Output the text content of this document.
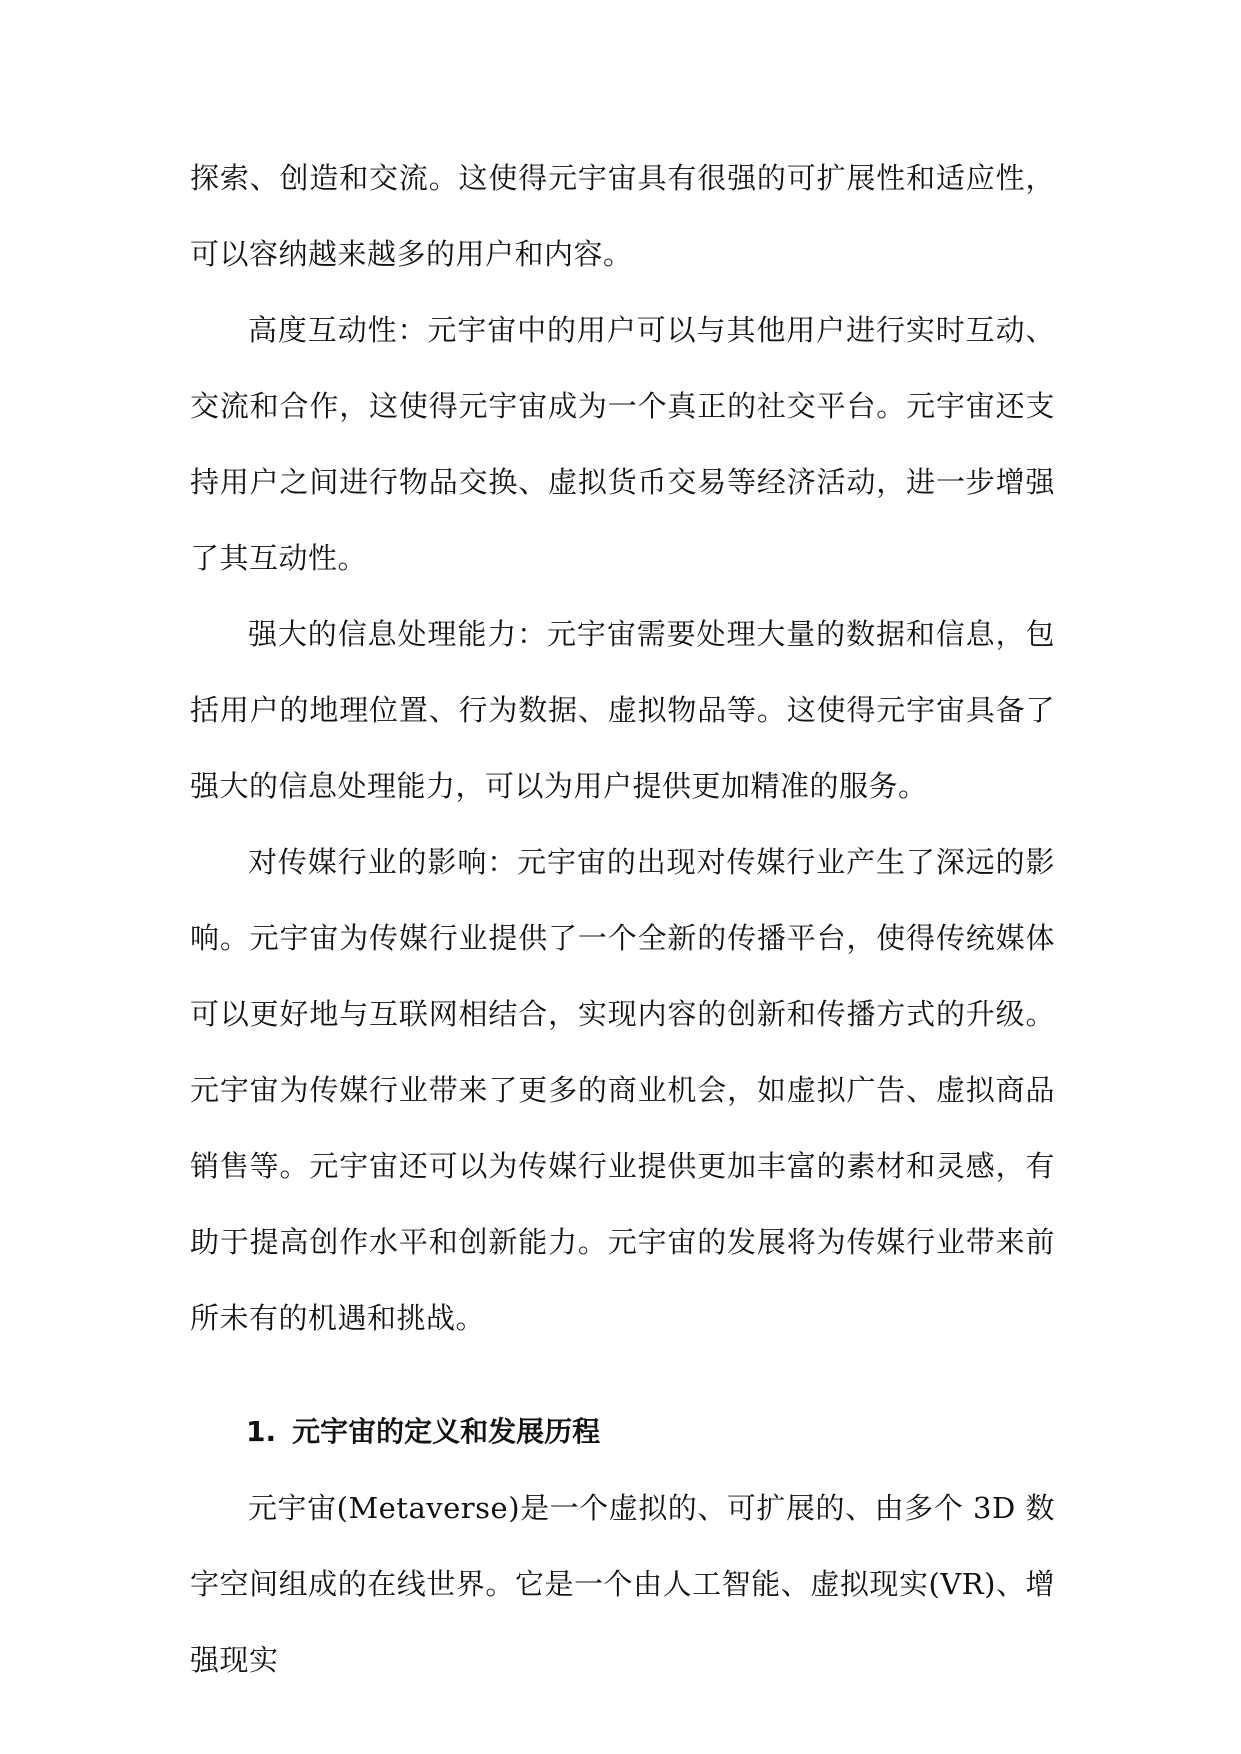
探索、创造和交流。这使得元宇宙具有很强的可扩展性和适应性，可以容纳越来越多的用户和内容。

高度互动性：元宇宙中的用户可以与其他用户进行实时互动、交流和合作，这使得元宇宙成为一个真正的社交平台。元宇宙还支持用户之间进行物品交换、虚拟货币交易等经济活动，进一步增强了其互动性。

强大的信息处理能力：元宇宙需要处理大量的数据和信息，包括用户的地理位置、行为数据、虚拟物品等。这使得元宇宙具备了强大的信息处理能力，可以为用户提供更加精准的服务。

对传媒行业的影响：元宇宙的出现对传媒行业产生了深远的影响。元宇宙为传媒行业提供了一个全新的传播平台，使得传统媒体可以更好地与互联网相结合，实现内容的创新和传播方式的升级。元宇宙为传媒行业带来了更多的商业机会，如虚拟广告、虚拟商品销售等。元宇宙还可以为传媒行业提供更加丰富的素材和灵感，有助于提高创作水平和创新能力。元宇宙的发展将为传媒行业带来前所未有的机遇和挑战。

1. 元宇宙的定义和发展历程

元宇宙(Metaverse)是一个虚拟的、可扩展的、由多个 3D 数字空间组成的在线世界。它是一个由人工智能、虚拟现实(VR)、增强现实
